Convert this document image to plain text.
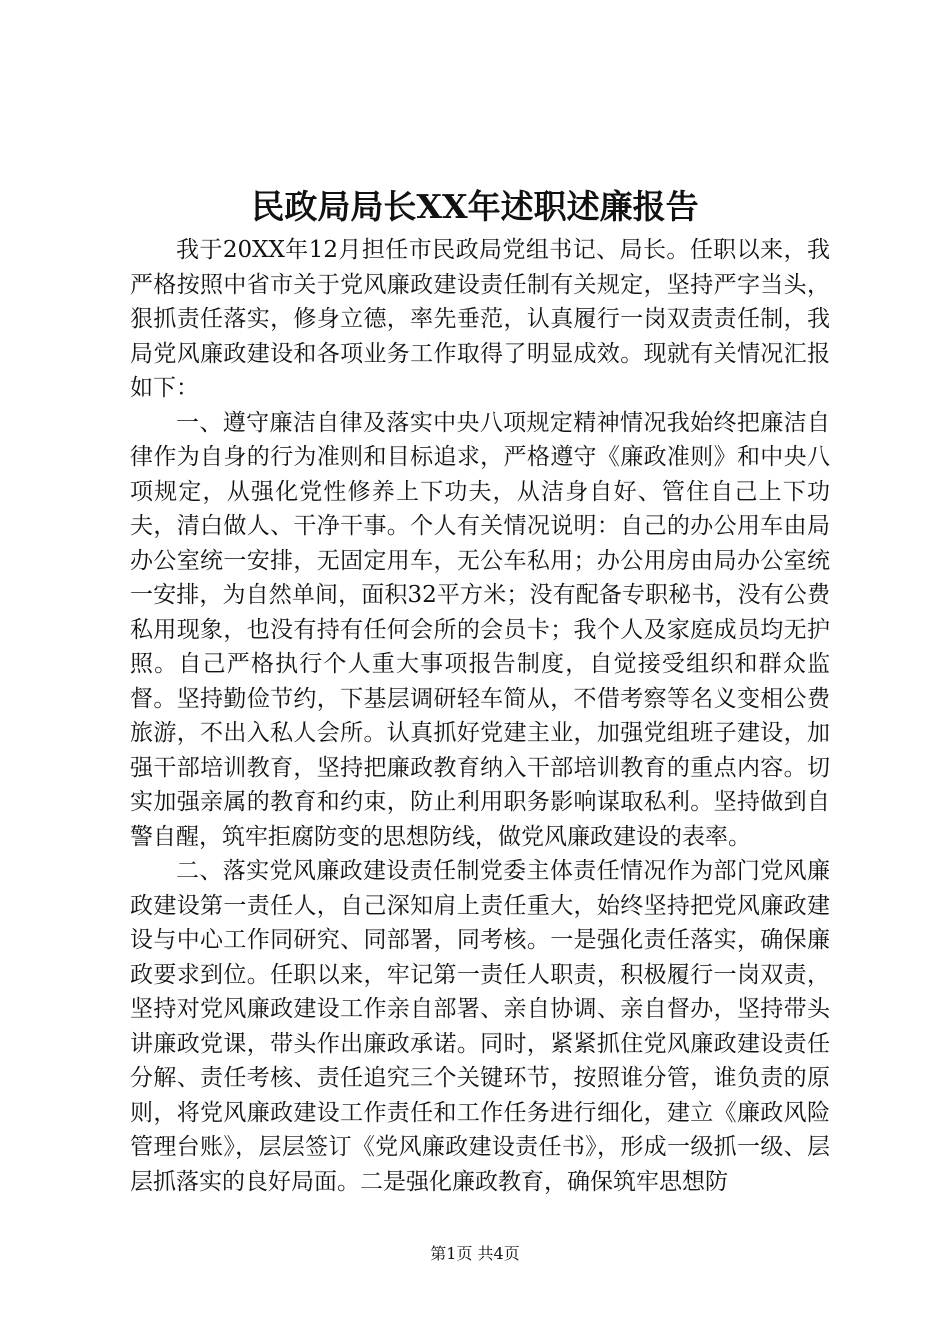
民政局局长XX年述职述廉报告

我于20XX年12月担任市民政局党组书记、局长。任职以来，我严格按照中省市关于党风廉政建设责任制有关规定，坚持严字当头，狠抓责任落实，修身立德，率先垂范，认真履行一岗双责责任制，我局党风廉政建设和各项业务工作取得了明显成效。现就有关情况汇报如下：

一、遵守廉洁自律及落实中央八项规定精神情况我始终把廉洁自律作为自身的行为准则和目标追求，严格遵守《廉政准则》和中央八项规定，从强化党性修养上下功夫，从洁身自好、管住自己上下功夫，清白做人、干净干事。个人有关情况说明：自己的办公用车由局办公室统一安排，无固定用车，无公车私用；办公用房由局办公室统一安排，为自然单间，面积32平方米；没有配备专职秘书，没有公费私用现象，也没有持有任何会所的会员卡；我个人及家庭成员均无护照。自己严格执行个人重大事项报告制度，自觉接受组织和群众监督。坚持勤俭节约，下基层调研轻车简从，不借考察等名义变相公费旅游，不出入私人会所。认真抓好党建主业，加强党组班子建设，加强干部培训教育，坚持把廉政教育纳入干部培训教育的重点内容。切实加强亲属的教育和约束，防止利用职务影响谋取私利。坚持做到自警自醒，筑牢拒腐防变的思想防线，做党风廉政建设的表率。

二、落实党风廉政建设责任制党委主体责任情况作为部门党风廉政建设第一责任人，自己深知肩上责任重大，始终坚持把党风廉政建设与中心工作同研究、同部署，同考核。一是强化责任落实，确保廉政要求到位。任职以来，牢记第一责任人职责，积极履行一岗双责，坚持对党风廉政建设工作亲自部署、亲自协调、亲自督办，坚持带头讲廉政党课，带头作出廉政承诺。同时，紧紧抓住党风廉政建设责任分解、责任考核、责任追究三个关键环节，按照谁分管，谁负责的原则，将党风廉政建设工作责任和工作任务进行细化，建立《廉政风险管理台账》，层层签订《党风廉政建设责任书》，形成一级抓一级、层层抓落实的良好局面。二是强化廉政教育，确保筑牢思想防

第1页 共4页
